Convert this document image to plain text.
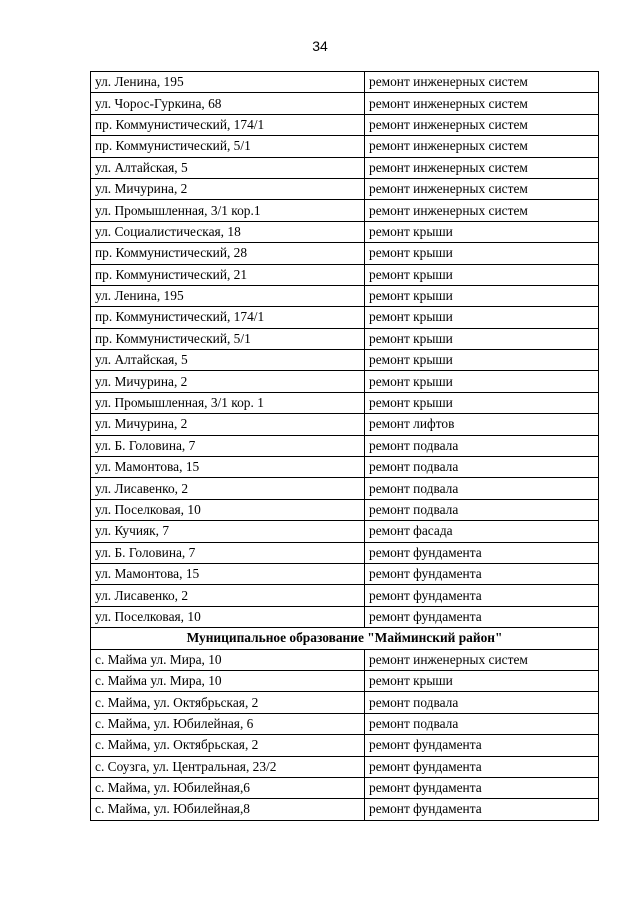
34
ул. Ленина, 195	ремонт инженерных систем
ул. Чорос-Гуркина, 68	ремонт инженерных систем
пр. Коммунистический, 174/1	ремонт инженерных систем
пр. Коммунистический, 5/1	ремонт инженерных систем
ул. Алтайская, 5	ремонт инженерных систем
ул. Мичурина, 2	ремонт инженерных систем
ул. Промышленная, 3/1 кор.1	ремонт инженерных систем
ул. Социалистическая, 18	ремонт крыши
пр. Коммунистический, 28	ремонт крыши
пр. Коммунистический, 21	ремонт крыши
ул. Ленина, 195	ремонт крыши
пр. Коммунистический, 174/1	ремонт крыши
пр. Коммунистический, 5/1	ремонт крыши
ул. Алтайская, 5	ремонт крыши
ул. Мичурина, 2	ремонт крыши
ул. Промышленная, 3/1 кор. 1	ремонт крыши
ул. Мичурина, 2	ремонт лифтов
ул. Б. Головина, 7	ремонт подвала
ул. Мамонтова, 15	ремонт подвала
ул. Лисавенко, 2	ремонт подвала
ул. Поселковая, 10	ремонт подвала
ул. Кучияк, 7	ремонт фасада
ул. Б. Головина, 7	ремонт фундамента
ул. Мамонтова, 15	ремонт фундамента
ул. Лисавенко, 2	ремонт фундамента
ул. Поселковая, 10	ремонт фундамента
Муниципальное образование "Майминский район"	
с. Майма ул. Мира, 10	ремонт инженерных систем
с. Майма ул. Мира, 10	ремонт крыши
с. Майма, ул. Октябрьская, 2	ремонт подвала
с. Майма, ул. Юбилейная, 6	ремонт подвала
с. Майма, ул. Октябрьская, 2	ремонт фундамента
с. Соузга, ул. Центральная, 23/2	ремонт фундамента
с. Майма, ул. Юбилейная,6	ремонт фундамента
с. Майма, ул. Юбилейная,8	ремонт фундамента
